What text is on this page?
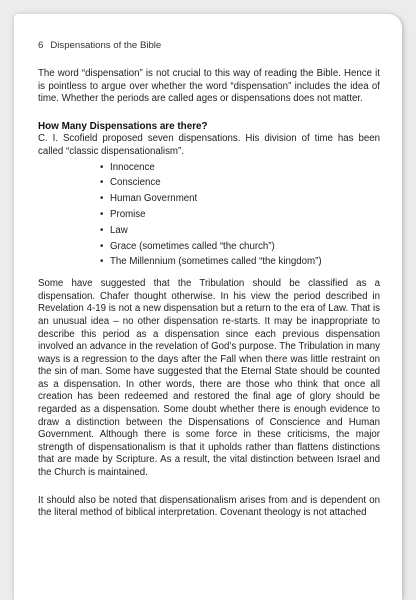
6 Dispensations of the Bible

The word “dispensation” is not crucial to this way of reading the Bible. Hence it is pointless to argue over whether the word “dispensation” includes the idea of time. Whether the periods are called ages or dispensations does not matter.

How Many Dispensations are there?

C. I. Scofield proposed seven dispensations. His division of time has been called “classic dispensationalism”.

• Innocence
• Conscience
• Human Government
• Promise
• Law
• Grace (sometimes called “the church”)
• The Millennium (sometimes called “the kingdom”)

Some have suggested that the Tribulation should be classified as a dispensation. Chafer thought otherwise. In his view the period described in Revelation 4-19 is not a new dispensation but a return to the era of Law. That is an unusual idea – no other dispensation re-starts. It may be inappropriate to describe this period as a dispensation since each previous dispensation involved an advance in the revelation of God’s purpose. The Tribulation in many ways is a regression to the days after the Fall when there was little restraint on the sin of man. Some have suggested that the Eternal State should be counted as a dispensation. In other words, there are those who think that once all creation has been redeemed and restored the final age of glory should be regarded as a dispensation. Some doubt whether there is enough evidence to draw a distinction between the Dispensations of Conscience and Human Government. Although there is some force in these criticisms, the major strength of dispensationalism is that it upholds rather than flattens distinctions that are made by Scripture. As a result, the vital distinction between Israel and the Church is maintained.

It should also be noted that dispensationalism arises from and is dependent on the literal method of biblical interpretation. Covenant theology is not attached
